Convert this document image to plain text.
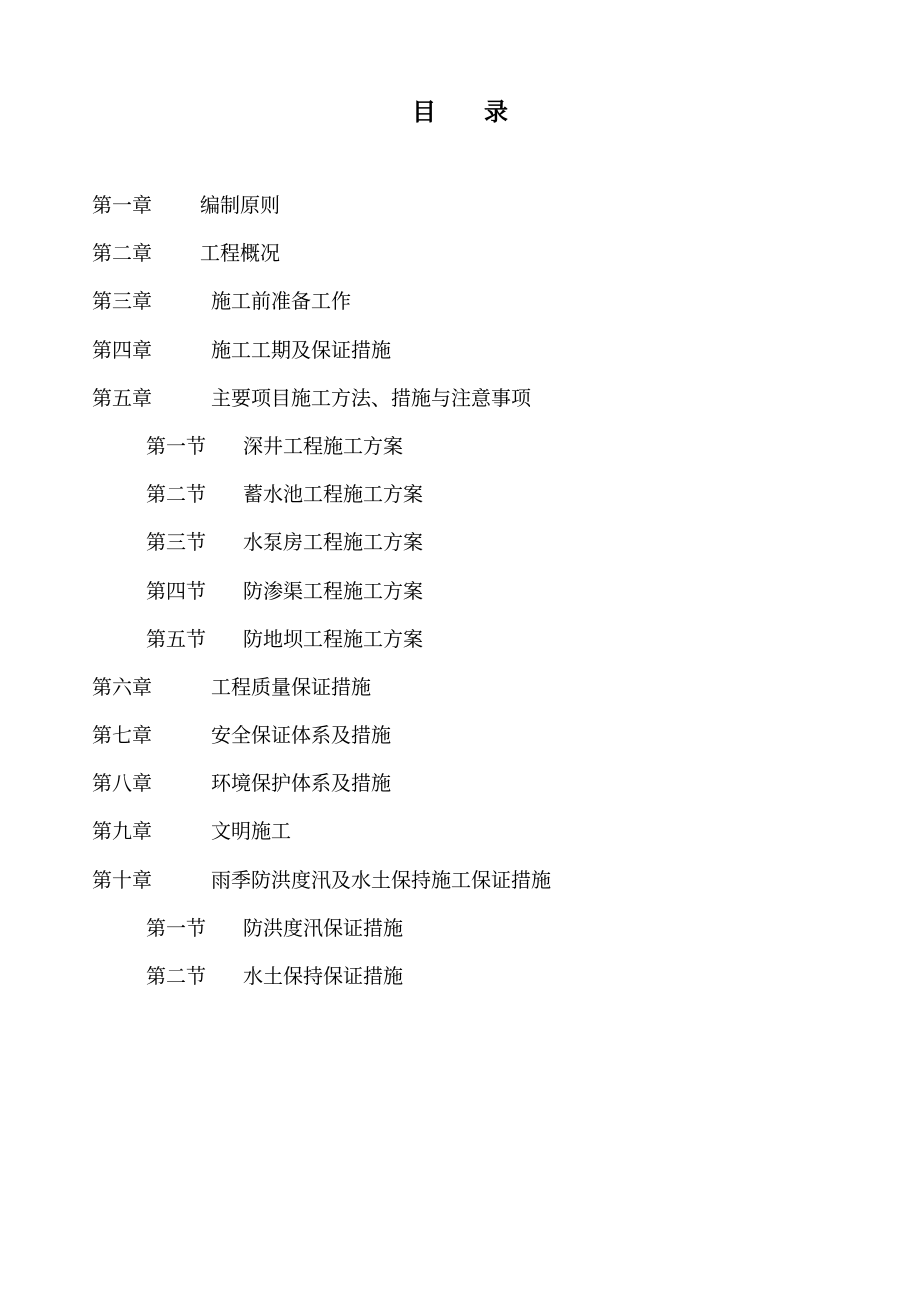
目 录
第一章 编制原则
第二章 工程概况
第三章	施工前准备工作
第四章	施工工期及保证措施
第五章	主要项目施工方法、措施与注意事项
第一节 深井工程施工方案
第二节 蓄水池工程施工方案
第三节 水泵房工程施工方案
第四节 防渗渠工程施工方案
第五节 防地坝工程施工方案
第六章	工程质量保证措施
第七章	安全保证体系及措施
第八章	环境保护体系及措施
第九章	文明施工
第十章	雨季防洪度汛及水土保持施工保证措施
第一节 防洪度汛保证措施
第二节 水土保持保证措施
